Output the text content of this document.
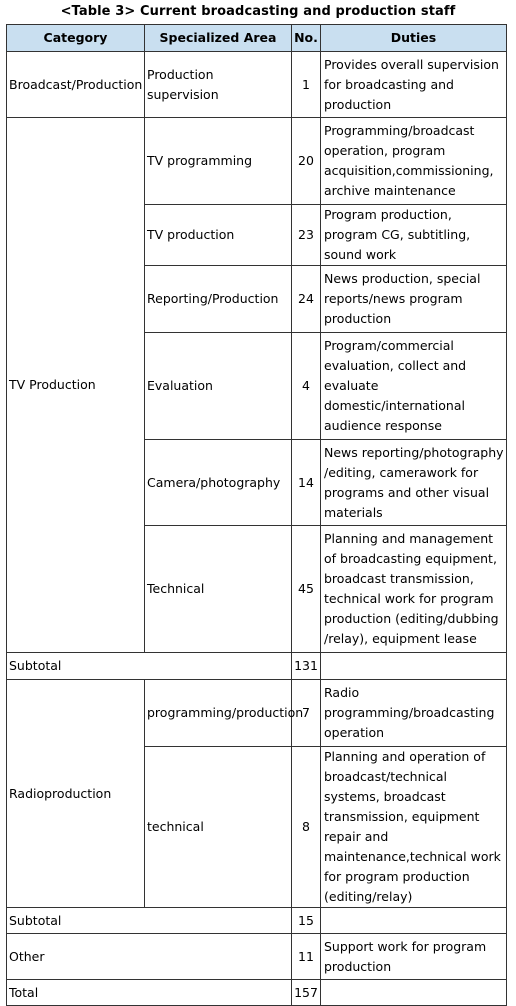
<Table 3> Current broadcasting and production staff
Category	Specialized Area	No.	Duties
Broadcast/Production	Production supervision	1	Provides overall supervision for broadcasting and production
TV Production	TV programming	20	Programming/broadcast operation, program acquisition,commissioning, archive maintenance
	TV production	23	Program production, program CG, subtitling, sound work
	Reporting/Production	24	News production, special reports/news program production
	Evaluation	4	Program/commercial evaluation, collect and evaluate domestic/international audience response
	Camera/photography	14	News reporting/photography /editing, camerawork for programs and other visual materials
	Technical	45	Planning and management of broadcasting equipment, broadcast transmission, technical work for program production (editing/dubbing /relay), equipment lease
Subtotal		131	
Radioproduction	programming/production	7	Radio programming/broadcasting operation
	technical	8	Planning and operation of broadcast/technical systems, broadcast transmission, equipment repair and maintenance,technical work for program production (editing/relay)
Subtotal		15	
Other		11	Support work for program production
Total		157	
